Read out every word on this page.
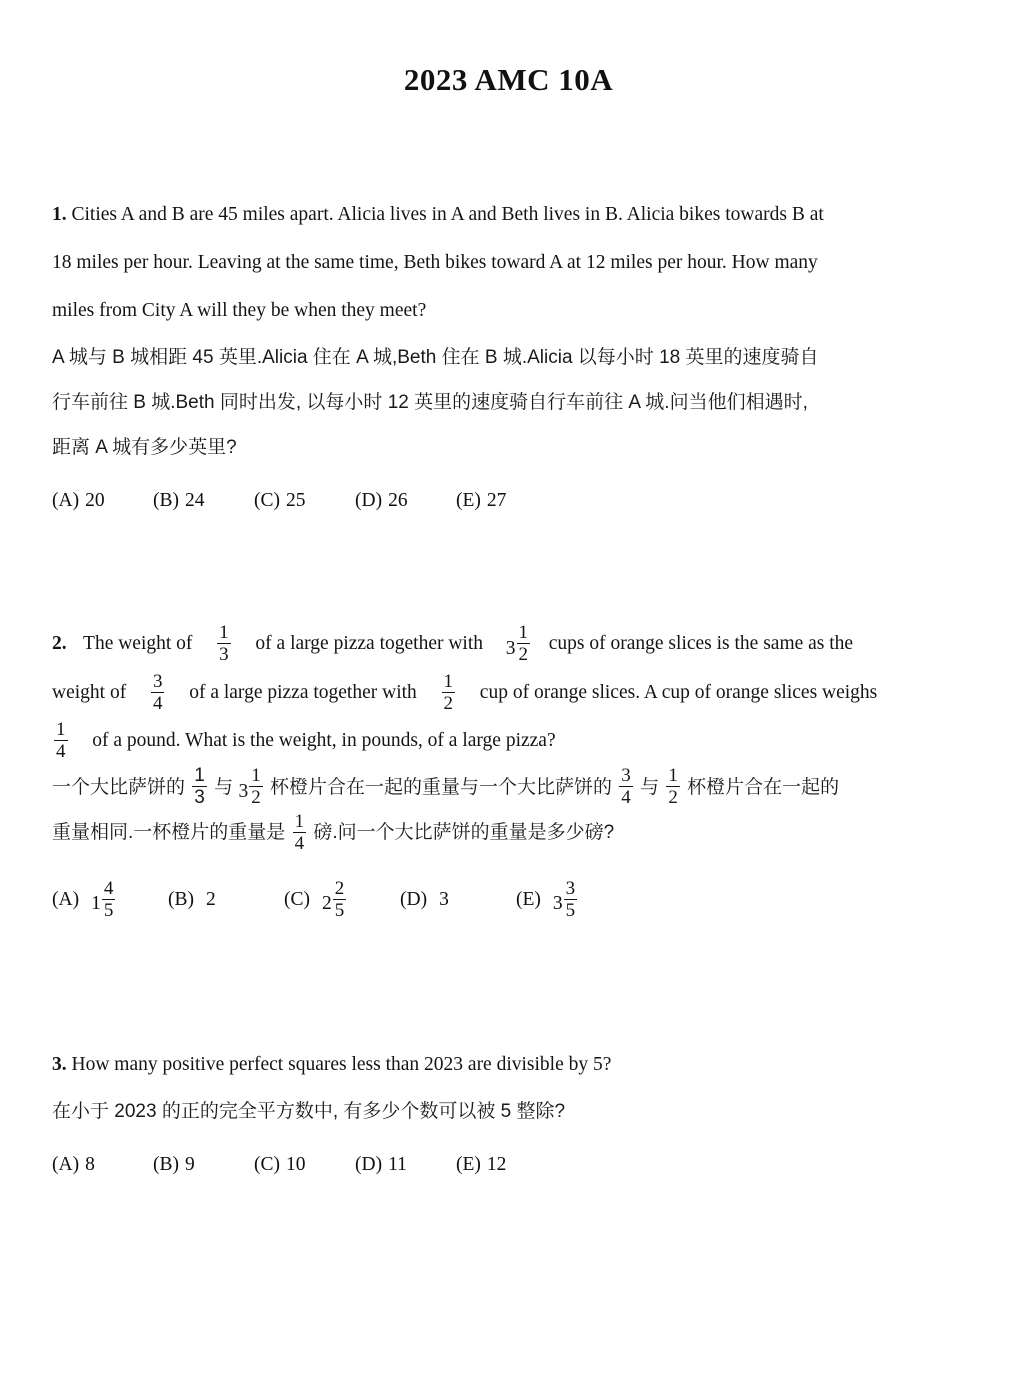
2023 AMC 10A
1. Cities A and B are 45 miles apart. Alicia lives in A and Beth lives in B. Alicia bikes towards B at
18 miles per hour. Leaving at the same time, Beth bikes toward A at 12 miles per hour. How many
miles from City A will they be when they meet?
A 城与 B 城相距 45 英里.Alicia 住在 A 城,Beth 住在 B 城.Alicia 以每小时 18 英里的速度骑自
行车前往 B 城.Beth 同时出发, 以每小时 12 英里的速度骑自行车前往 A 城.问当他们相遇时,
距离 A 城有多少英里?
(A) 20 (B) 24	(C) 25	(D) 26 (E) 27
2. The weight of $\frac{1}{3}$ of a large pizza together with $3 \frac{1}{2}$ cups of orange slices is the same as the
weight of $\frac{3}{4}$ of a large pizza together with $\frac{1}{2}$ cup of orange slices. A cup of orange slices weighs
$\frac{1}{4}$ of a pound. What is the weight, in pounds, of a large pizza?
一个大比萨饼的 $\frac{1}{3}$ 与 $3 \frac{1}{2}$ 杯橙片合在一起的重量与一个大比萨饼的 $\frac{3}{4}$ 与 $\frac{1}{2}$ 杯橙片合在一起的
重量相同.一杯橙片的重量是 $\frac{1}{4}$ 磅.问一个大比萨饼的重量是多少磅?
(A) $1 \frac{4}{5}$	(B) 2	(C) $2 \frac{2}{5}$	(D) 3	(E) $3 \frac{3}{5}$
3. How many positive perfect squares less than 2023 are divisible by 5?
在小于 2023 的正的完全平方数中, 有多少个数可以被 5 整除?
(A) 8	(B) 9	(C) 10	(D) 11	(E) 12
